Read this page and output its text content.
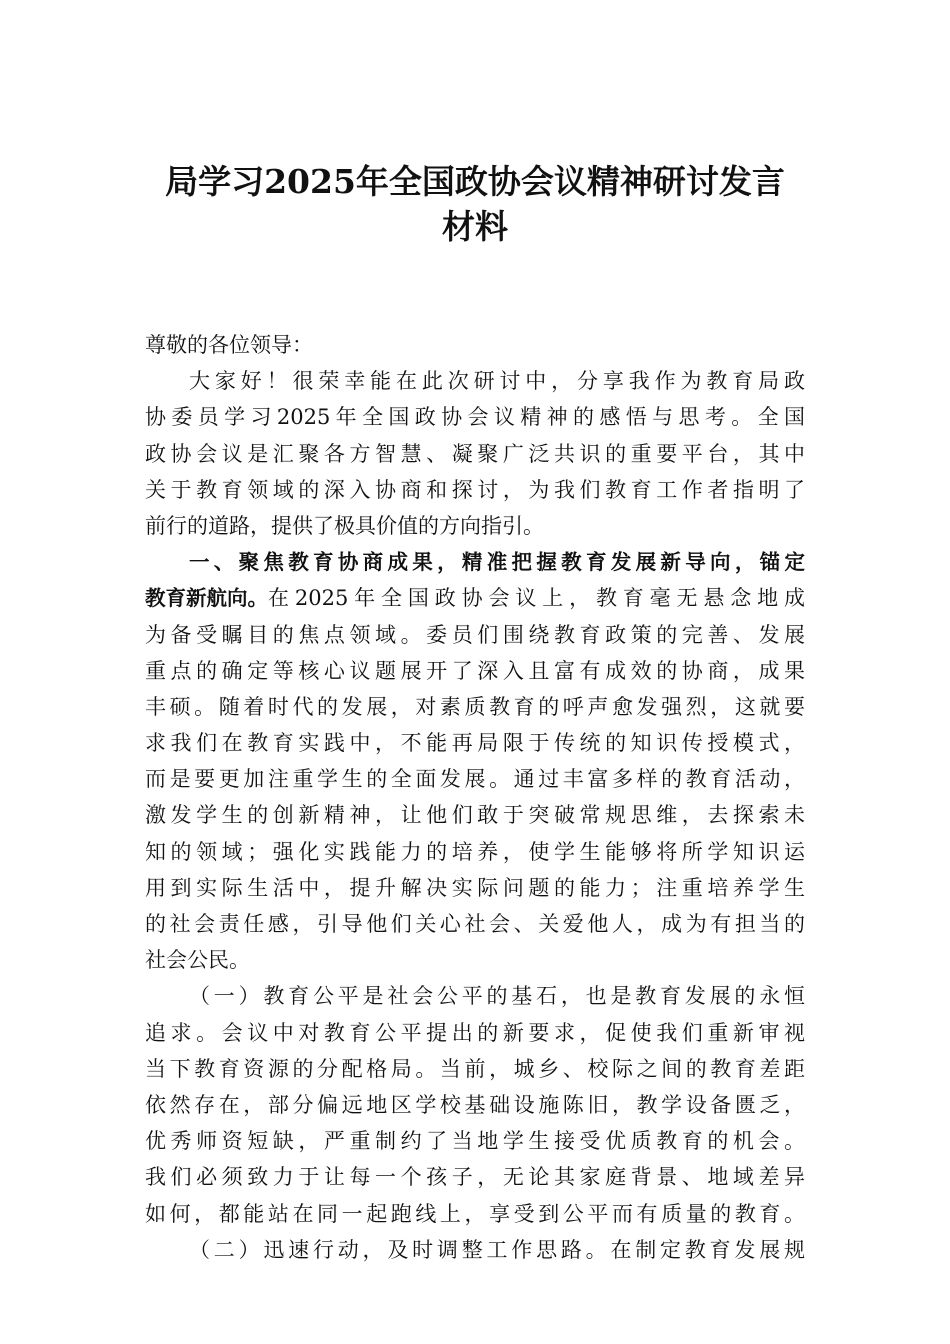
局学习2025年全国政协会议精神研讨发言
材料
尊敬的各位领导：
大家好！很荣幸能在此次研讨中，分享我作为教育局政
协委员学习2025年全国政协会议精神的感悟与思考。全国
政协会议是汇聚各方智慧、凝聚广泛共识的重要平台，其中
关于教育领域的深入协商和探讨，为我们教育工作者指明了
前行的道路，提供了极具价值的方向指引。
一、聚焦教育协商成果，精准把握教育发展新导向，锚定
教育新航向。 在2025年全国政协会议上，教育毫无悬念地成
为备受瞩目的焦点领域。委员们围绕教育政策的完善、发展
重点的确定等核心议题展开了深入且富有成效的协商，成果
丰硕。随着时代的发展，对素质教育的呼声愈发强烈，这就要
求我们在教育实践中，不能再局限于传统的知识传授模式，
而是要更加注重学生的全面发展。通过丰富多样的教育活动，
激发学生的创新精神，让他们敢于突破常规思维，去探索未
知的领域；强化实践能力的培养，使学生能够将所学知识运
用到实际生活中，提升解决实际问题的能力；注重培养学生
的社会责任感，引导他们关心社会、关爱他人，成为有担当的
社会公民。
（一）教育公平是社会公平的基石，也是教育发展的永恒
追求。会议中对教育公平提出的新要求，促使我们重新审视
当下教育资源的分配格局。当前，城乡、校际之间的教育差距
依然存在，部分偏远地区学校基础设施陈旧，教学设备匮乏，
优秀师资短缺，严重制约了当地学生接受优质教育的机会。
我们必须致力于让每一个孩子，无论其家庭背景、地域差异
如何，都能站在同一起跑线上，享受到公平而有质量的教育。
（二）迅速行动，及时调整工作思路。在制定教育发展规
